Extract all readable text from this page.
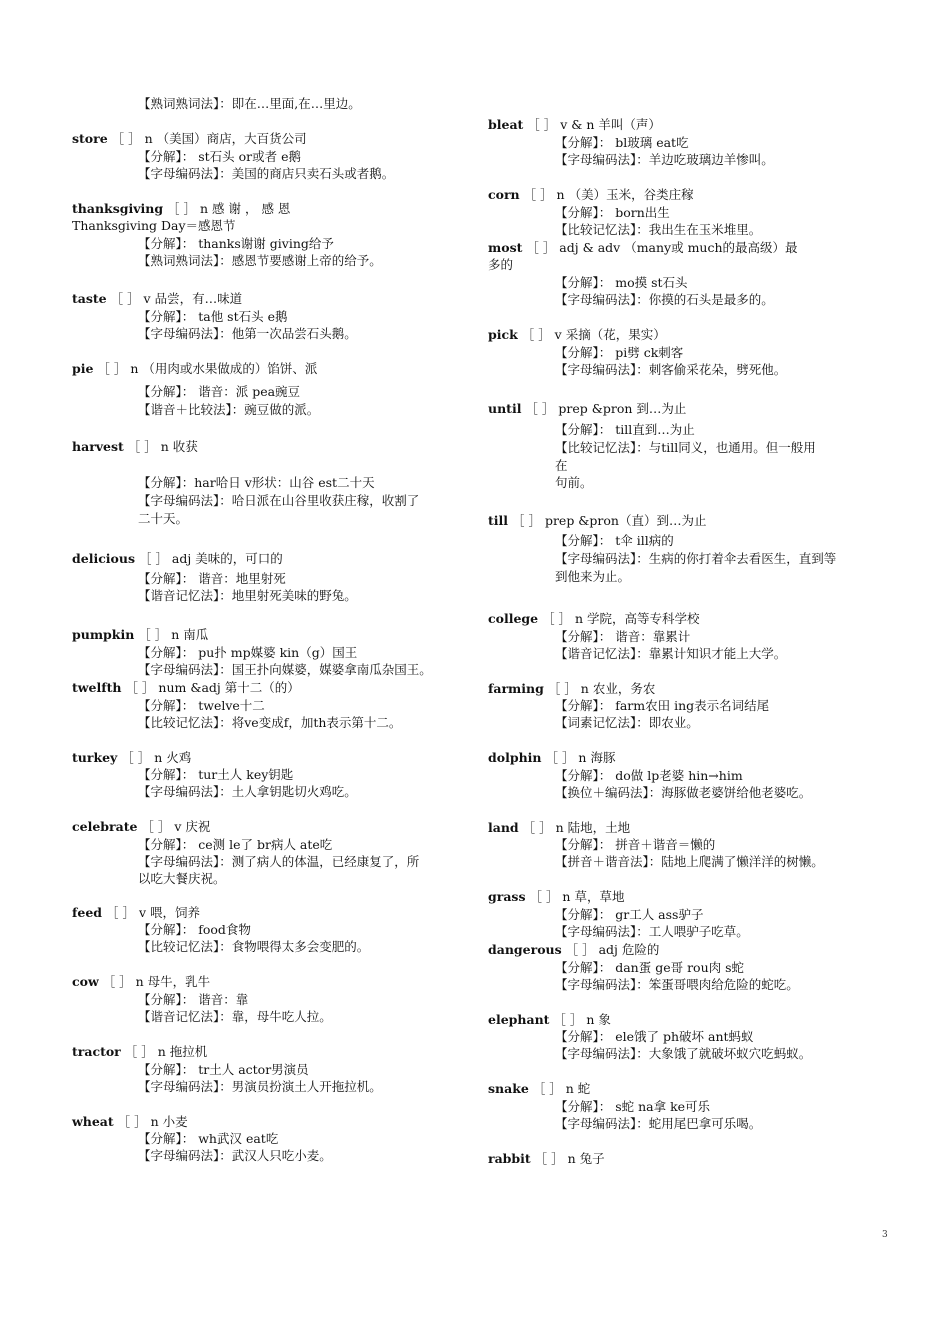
【熟词熟词法】：即在…里面,在…里边。
store ［ ］ n （美国）商店，大百货公司
【分解】： st石头 or或者 e鹅
【字母编码法】：美国的商店只卖石头或者鹅。
thanksgiving ［ ］ n 感 谢 ， 感 恩
Thanksgiving Day＝感恩节
【分解】： thanks谢谢 giving给予
【熟词熟词法】：感恩节要感谢上帝的给予。
taste ［ ］ v 品尝，有…味道
【分解】： ta他 st石头 e鹅
【字母编码法】：他第一次品尝石头鹅。
pie ［ ］ n （用肉或水果做成的）馅饼、派
【分解】： 谐音：派 pea豌豆
【谐音＋比较法】：豌豆做的派。
harvest ［ ］ n 收获
【分解】：har哈日 v形状：山谷 est二十天
【字母编码法】：哈日派在山谷里收获庄稼，收割了
二十天。
delicious ［ ］ adj 美味的，可口的
【分解】： 谐音：地里射死
【谐音记忆法】：地里射死美味的野兔。
pumpkin ［ ］ n 南瓜
【分解】： pu扑 mp媒婆 kin（g）国王
【字母编码法】：国王扑向媒婆，媒婆拿南瓜杂国王。
twelfth ［ ］ num &adj 第十二（的）
【分解】： twelve十二
【比较记忆法】：将ve变成f，加th表示第十二。
turkey ［ ］ n 火鸡
【分解】： tur土人 key钥匙
【字母编码法】：土人拿钥匙切火鸡吃。
celebrate ［ ］ v 庆祝
【分解】： ce测 le了 br病人 ate吃
【字母编码法】：测了病人的体温，已经康复了，所
以吃大餐庆祝。
feed ［ ］ v 喂，饲养
【分解】： food食物
【比较记忆法】：食物喂得太多会变肥的。
cow ［ ］ n 母牛，乳牛
【分解】： 谐音：靠
【谐音记忆法】：靠，母牛吃人拉。
tractor ［ ］ n 拖拉机
【分解】： tr土人 actor男演员
【字母编码法】：男演员扮演土人开拖拉机。
wheat ［ ］ n 小麦
【分解】： wh武汉 eat吃
【字母编码法】：武汉人只吃小麦。
bleat ［ ］ v & n 羊叫（声）
【分解】： bl玻璃 eat吃
【字母编码法】：羊边吃玻璃边羊惨叫。
corn ［ ］ n （美）玉米，谷类庄稼
【分解】： born出生
【比较记忆法】：我出生在玉米堆里。
most ［ ］ adj & adv （many或 much的最高级）最
多的
【分解】： mo摸 st石头
【字母编码法】：你摸的石头是最多的。
pick ［ ］ v 采摘（花，果实）
【分解】： pi劈 ck刺客
【字母编码法】：刺客偷采花朵，劈死他。
until ［ ］ prep &pron 到…为止
【分解】： till直到…为止
【比较记忆法】：与till同义，也通用。但一般用
在
句前。
till ［ ］ prep &pron（直）到…为止
【分解】： t伞 ill病的
【字母编码法】：生病的你打着伞去看医生，直到等
到他来为止。
college ［ ］ n 学院，高等专科学校
【分解】： 谐音：靠累计
【谐音记忆法】：靠累计知识才能上大学。
farming ［ ］ n 农业，务农
【分解】： farm农田 ing表示名词结尾
【词素记忆法】：即农业。
dolphin ［ ］ n 海豚
【分解】： do做 lp老婆 hin→him
【换位＋编码法】：海豚做老婆饼给他老婆吃。
land ［ ］ n 陆地，土地
【分解】： 拼音＋谐音＝懒的
【拼音＋谐音法】：陆地上爬满了懒洋洋的树懒。
grass ［ ］ n 草，草地
【分解】： gr工人 ass驴子
【字母编码法】：工人喂驴子吃草。
dangerous ［ ］ adj 危险的
【分解】： dan蛋 ge哥 rou肉 s蛇
【字母编码法】：笨蛋哥喂肉给危险的蛇吃。
elephant ［ ］ n 象
【分解】： ele饿了 ph破坏 ant蚂蚁
【字母编码法】：大象饿了就破坏蚁穴吃蚂蚁。
snake ［ ］ n 蛇
【分解】： s蛇 na拿 ke可乐
【字母编码法】：蛇用尾巴拿可乐喝。
rabbit ［ ］ n 兔子
3
